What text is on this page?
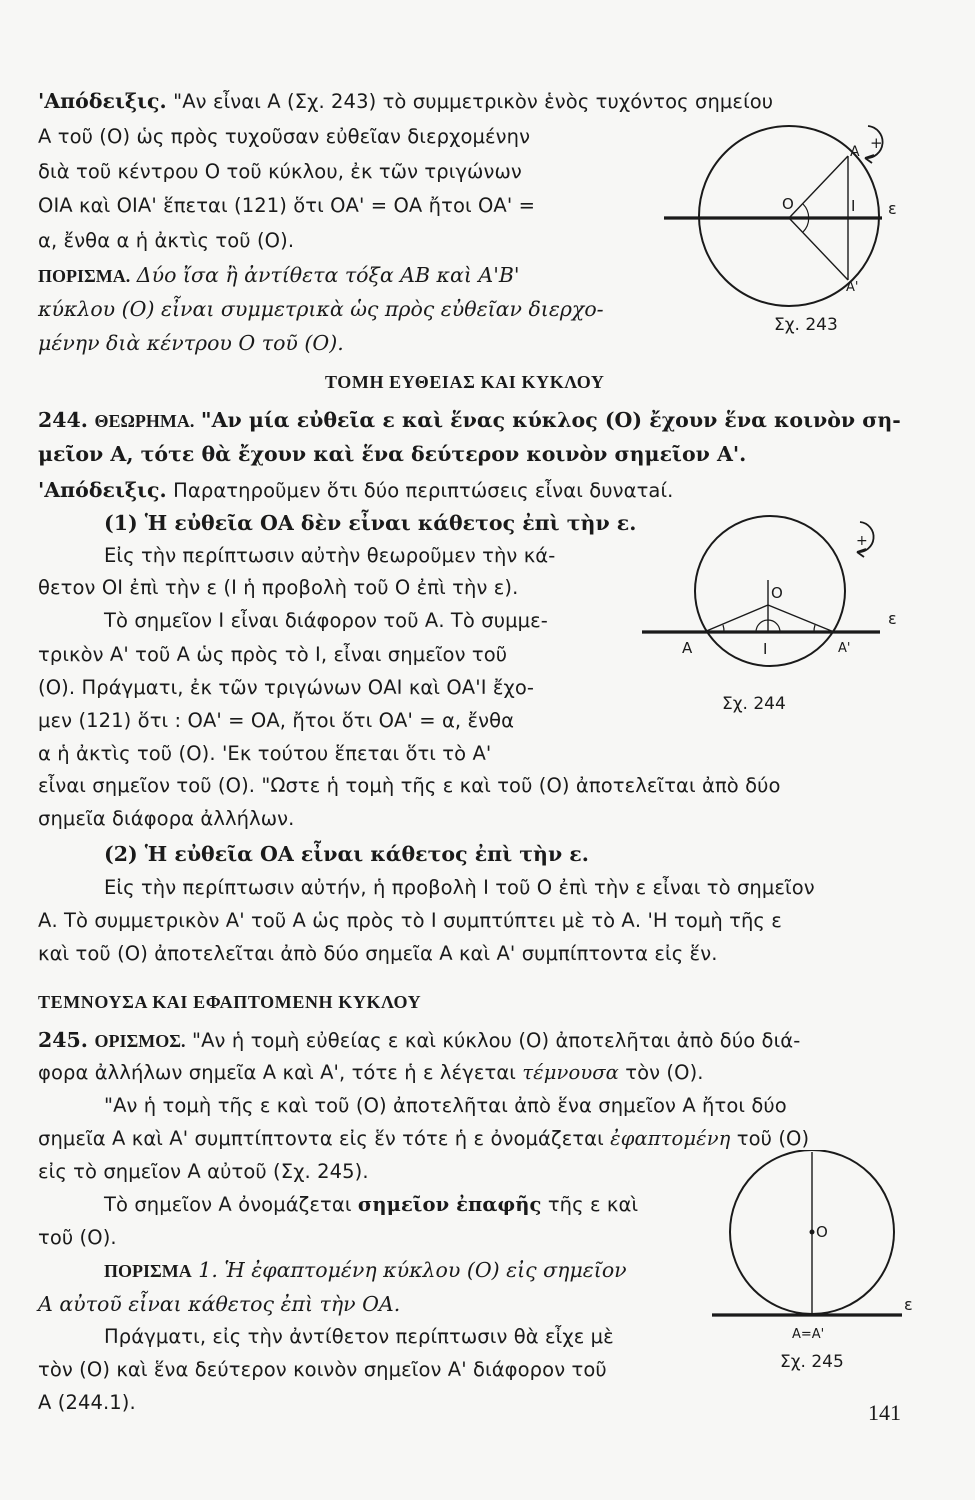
'Απόδειξις. "Αν εἶναι Α (Σχ. 243) τὸ συμμετρικὸν ἑνὸς τυχόντος σημείου
Α τοῦ (Ο) ὡς πρὸς τυχοῦσαν εὐθεῖαν διερχομένην
διὰ τοῦ κέντρου Ο τοῦ κύκλου, ἐκ τῶν τριγώνων
ΟΙΑ καὶ ΟΙΑ' ἕπεται (121) ὅτι ΟΑ' = ΟΑ ἤτοι ΟΑ' =
α, ἔνθα α ἡ ἀκτὶς τοῦ (Ο).
ΠΟΡΙΣΜΑ. Δύο ἴσα ἢ ἀντίθετα τόξα ΑΒ καὶ Α'Β'
κύκλου (Ο) εἶναι συμμετρικὰ ὡς πρὸς εὐθεῖαν διερχο-
μένην διὰ κέντρου Ο τοῦ (Ο).
ΤΟΜΗ ΕΥΘΕΙΑΣ ΚΑΙ ΚΥΚΛΟΥ
244. ΘΕΩΡΗΜΑ. "Αν μία εὐθεῖα ε καὶ ἕνας κύκλος (Ο) ἔχουν ἕνα κοινὸν ση-
μεῖον Α, τότε θὰ ἔχουν καὶ ἕνα δεύτερον κοινὸν σημεῖον Α'.
'Απόδειξις. Παρατηροῦμεν ὅτι δύο περιπτώσεις εἶναι δυνατaί.
(1) Ἡ εὐθεῖα ΟΑ δὲν εἶναι κάθετος ἐπὶ τὴν ε.
Εἰς τὴν περίπτωσιν αὐτὴν θεωροῦμεν τὴν κά-
θετον ΟΙ ἐπὶ τὴν ε (Ι ἡ προβολὴ τοῦ Ο ἐπὶ τὴν ε).
Τὸ σημεῖον Ι εἶναι διάφορον τοῦ Α. Τὸ συμμε-
τρικὸν Α' τοῦ Α ὡς πρὸς τὸ Ι, εἶναι σημεῖον τοῦ
(Ο). Πράγματι, ἐκ τῶν τριγώνων ΟΑΙ καὶ ΟΑ'Ι ἔχο-
μεν (121) ὅτι : ΟΑ' = ΟΑ, ἤτοι ὅτι ΟΑ' = α, ἔνθα
α ἡ ἀκτὶς τοῦ (Ο). 'Εκ τούτου ἕπεται ὅτι τὸ Α'
εἶναι σημεῖον τοῦ (Ο). "Ωστε ἡ τομὴ τῆς ε καὶ τοῦ (Ο) ἀποτελεῖται ἀπὸ δύο
σημεῖα διάφορα ἀλλήλων.
(2) Ἡ εὐθεῖα ΟΑ εἶναι κάθετος ἐπὶ τὴν ε.
Εἰς τὴν περίπτωσιν αὐτήν, ἡ προβολὴ Ι τοῦ Ο ἐπὶ τὴν ε εἶναι τὸ σημεῖον
Α. Τὸ συμμετρικὸν Α' τοῦ Α ὡς πρὸς τὸ Ι συμπτύπτει μὲ τὸ Α. 'Η τομὴ τῆς ε
καὶ τοῦ (Ο) ἀποτελεῖται ἀπὸ δύο σημεῖα Α καὶ Α' συμπίπτοντα εἰς ἕν.
ΤΕΜΝΟΥΣΑ ΚΑΙ ΕΦΑΠΤΟΜΕΝΗ ΚΥΚΛΟΥ
245. ΟΡΙΣΜΟΣ. "Αν ἡ τομὴ εὐθείας ε καὶ κύκλου (Ο) ἀποτελῆται ἀπὸ δύο διά-
φορα ἀλλήλων σημεῖα Α καὶ Α', τότε ἡ ε λέγεται τέμνουσα τὸν (Ο).
"Αν ἡ τομὴ τῆς ε καὶ τοῦ (Ο) ἀποτελῆται ἀπὸ ἕνα σημεῖον Α ἤτοι δύο
σημεῖα Α καὶ Α' συμπτίπτοντα εἰς ἕν τότε ἡ ε ὀνομάζεται ἐφαπτομένη τοῦ (Ο)
εἰς τὸ σημεῖον Α αὐτοῦ (Σχ. 245).
Τὸ σημεῖον Α ὀνομάζεται σημεῖον ἐπαφῆς τῆς ε καὶ
τοῦ (Ο).
ΠΟΡΙΣΜΑ 1. Ἡ ἐφαπτομένη κύκλου (Ο) εἰς σημεῖον
Α αὐτοῦ εἶναι κάθετος ἐπὶ τὴν ΟΑ.
Πράγματι, εἰς τὴν ἀντίθετον περίπτωσιν θὰ εἶχε μὲ
τὸν (Ο) καὶ ἕνα δεύτερον κοινὸν σημεῖον Α' διάφορον τοῦ
Α (244.1).
+
A
O	I ε
A'
Σχ. 243
+
O
ε
A	I	A'
Σχ. 244
O
ε
A=A'
Σχ. 245
141
